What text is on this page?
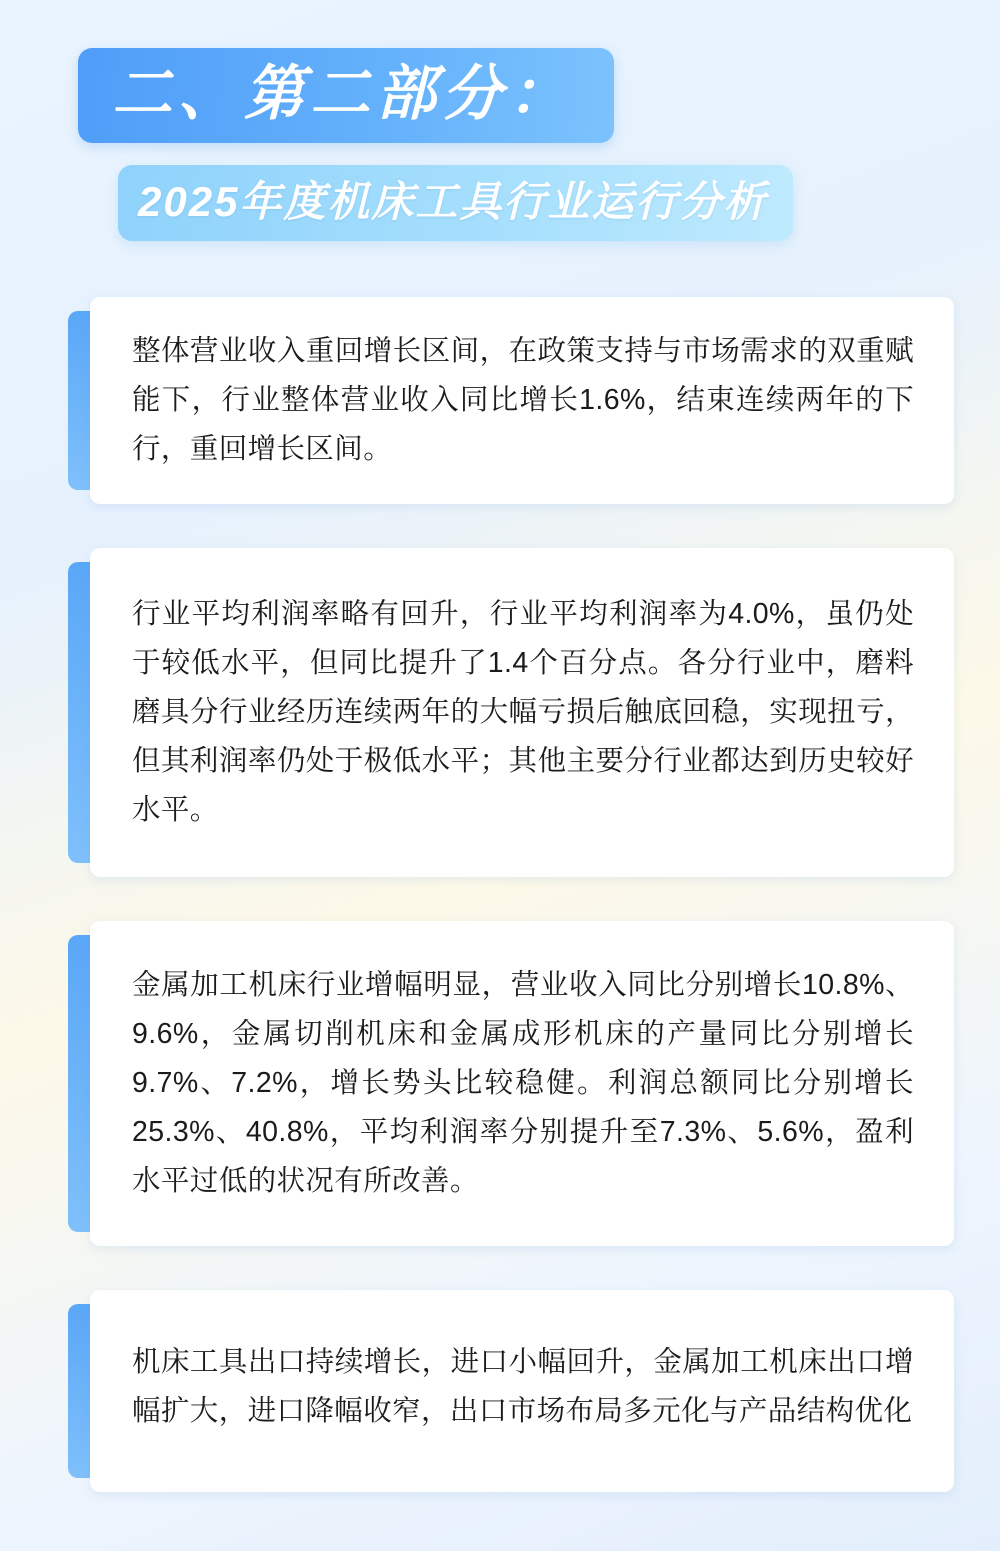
二、第二部分：
2025年度机床工具行业运行分析
整体营业收入重回增长区间，在政策支持与市场需求的双重赋能下，行业整体营业收入同比增长1.6%，结束连续两年的下行，重回增长区间。
行业平均利润率略有回升，行业平均利润率为4.0%，虽仍处于较低水平，但同比提升了1.4个百分点。各分行业中，磨料磨具分行业经历连续两年的大幅亏损后触底回稳，实现扭亏，但其利润率仍处于极低水平；其他主要分行业都达到历史较好水平。
金属加工机床行业增幅明显，营业收入同比分别增长10.8%、9.6%，金属切削机床和金属成形机床的产量同比分别增长9.7%、7.2%，增长势头比较稳健。利润总额同比分别增长25.3%、40.8%，平均利润率分别提升至7.3%、5.6%，盈利水平过低的状况有所改善。
机床工具出口持续增长，进口小幅回升，金属加工机床出口增幅扩大，进口降幅收窄，出口市场布局多元化与产品结构优化
